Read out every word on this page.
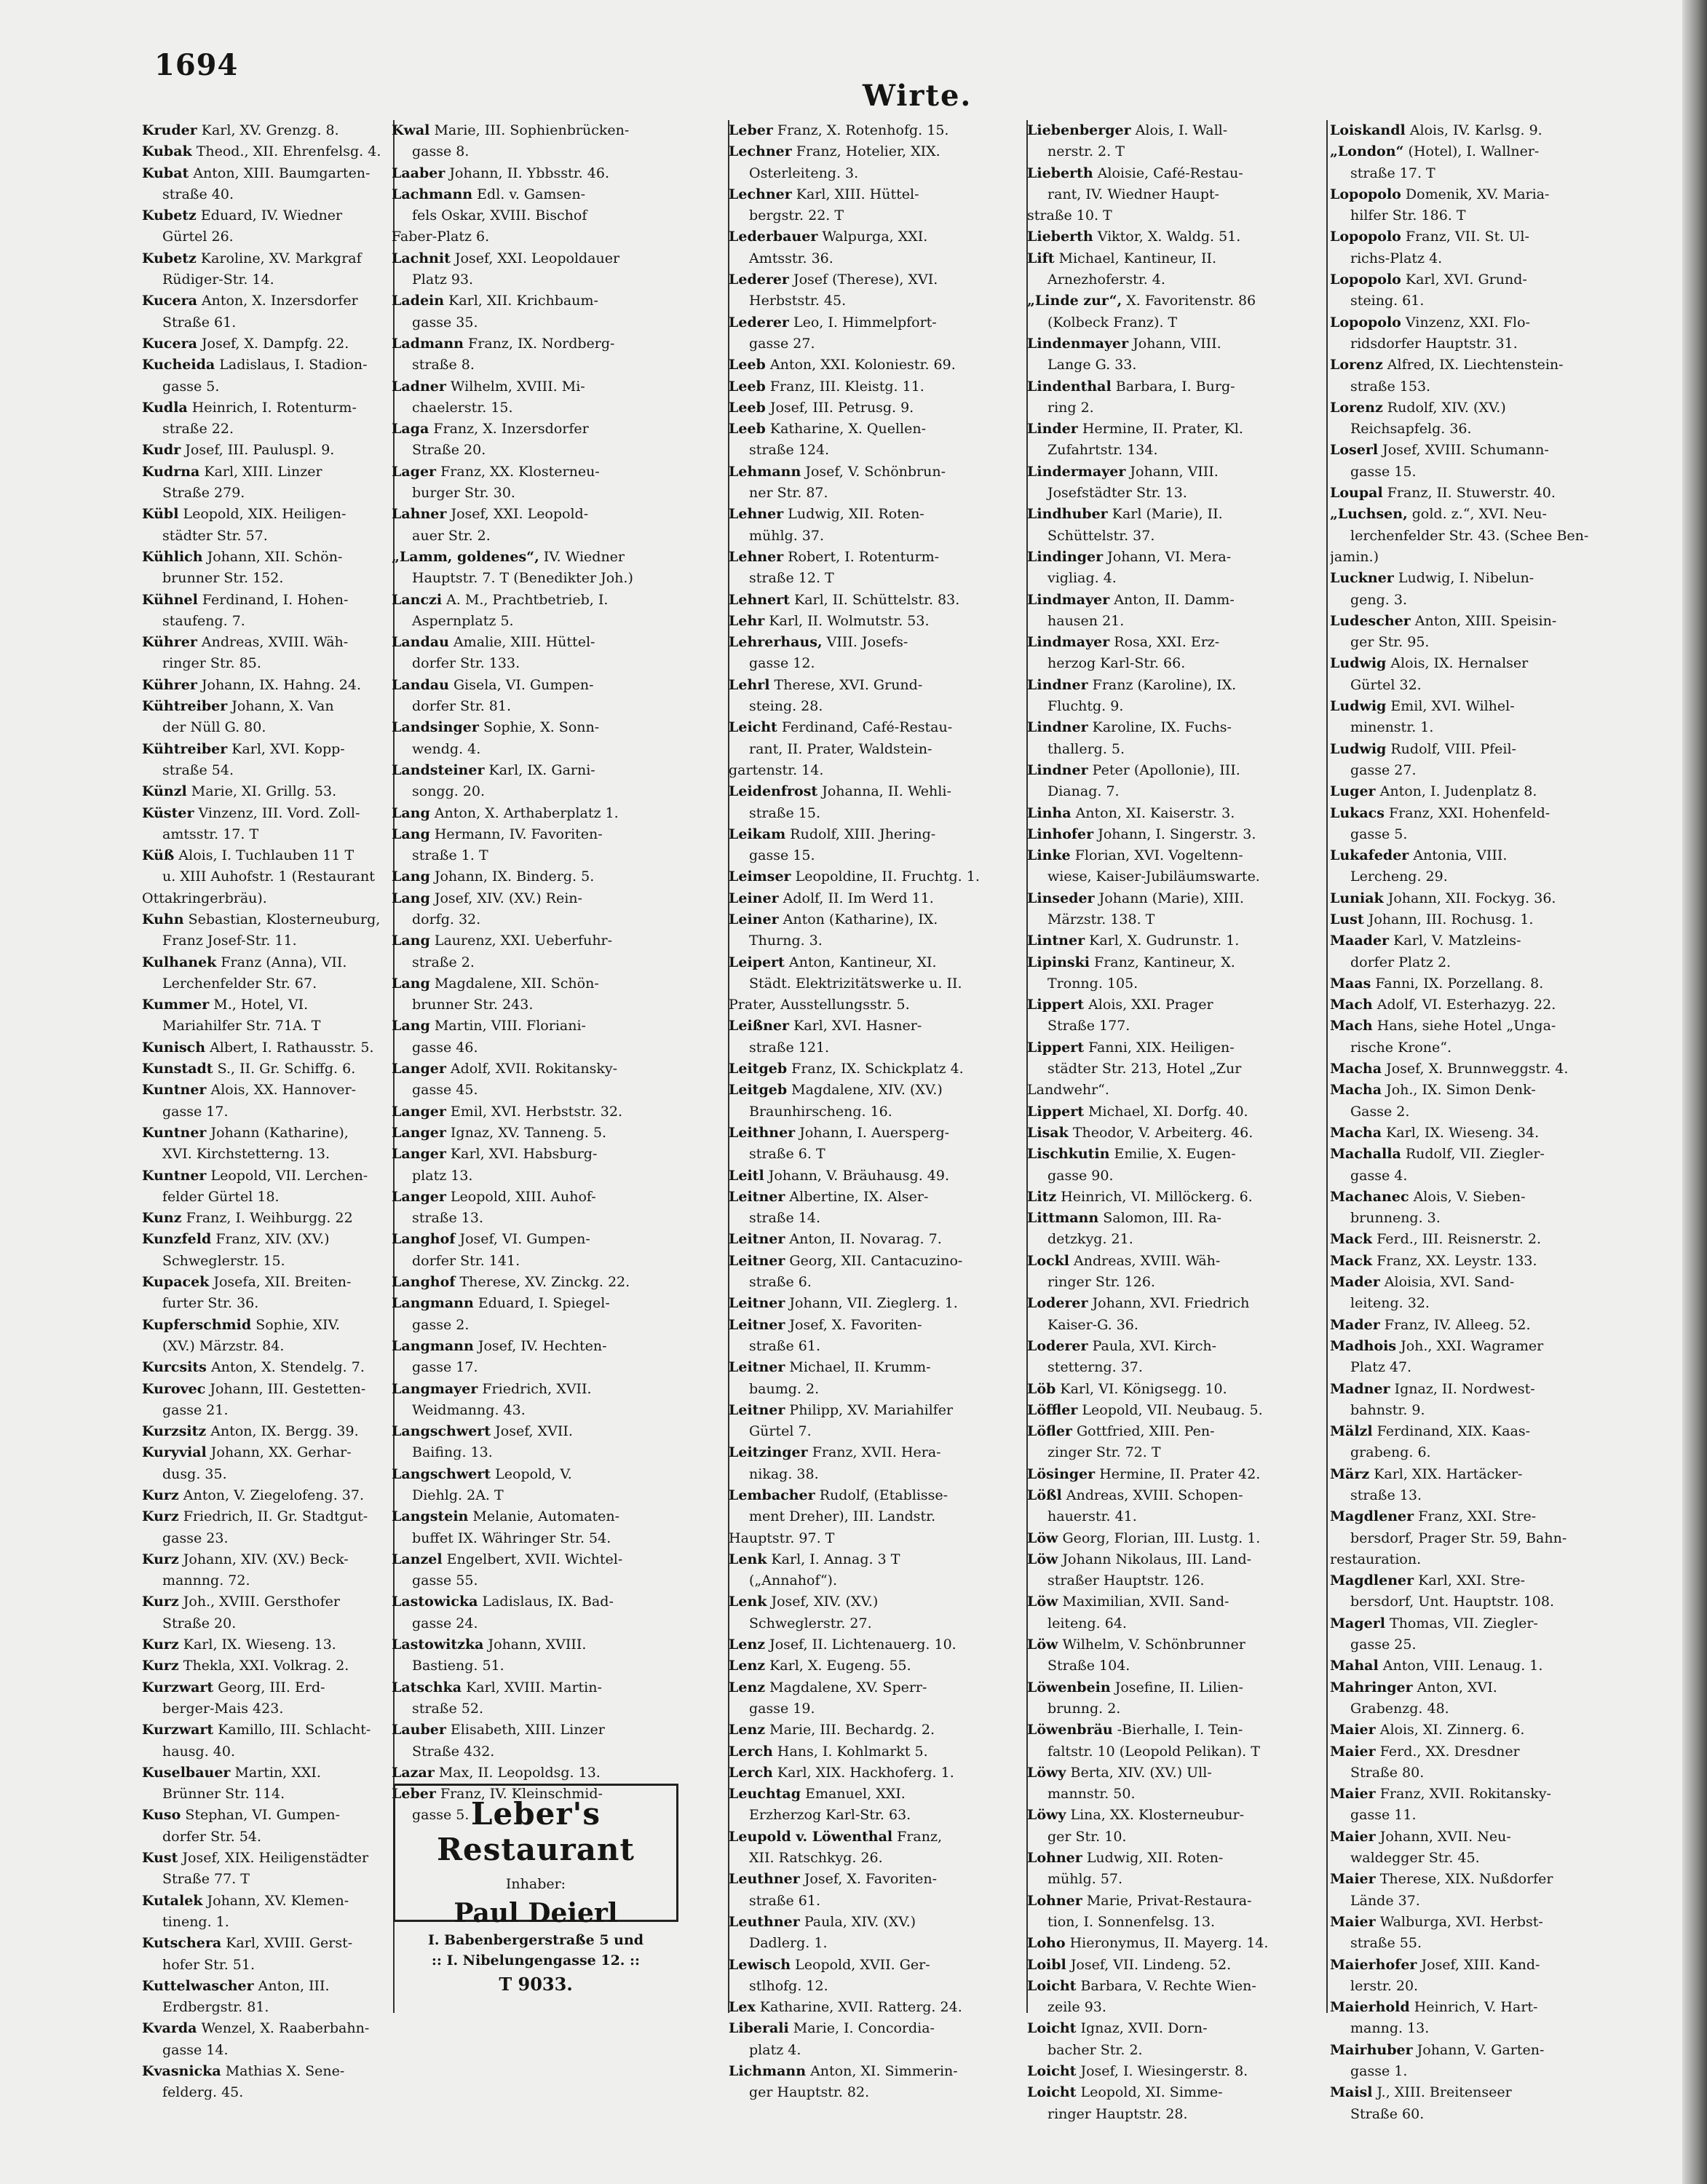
1694
Wirte.
Kruder Karl, XV. Grenzg. 8.
Kubak Theod., XII. Ehrenfelsg. 4.
Kubat Anton, XIII. Baumgarten-
straße 40.
Kubetz Eduard, IV. Wiedner
Gürtel 26.
Kubetz Karoline, XV. Markgraf
Rüdiger-Str. 14.
Kucera Anton, X. Inzersdorfer
Straße 61.
Kucera Josef, X. Dampfg. 22.
Kucheida Ladislaus, I. Stadion-
gasse 5.
Kudla Heinrich, I. Rotenturm-
straße 22.
Kudr Josef, III. Pauluspl. 9.
Kudrna Karl, XIII. Linzer
Straße 279.
Kübl Leopold, XIX. Heiligen-
städter Str. 57.
Kühlich Johann, XII. Schön-
brunner Str. 152.
Kühnel Ferdinand, I. Hohen-
staufeng. 7.
Kührer Andreas, XVIII. Wäh-
ringer Str. 85.
Kührer Johann, IX. Hahng. 24.
Kühtreiber Johann, X. Van
der Nüll G. 80.
Kühtreiber Karl, XVI. Kopp-
straße 54.
Künzl Marie, XI. Grillg. 53.
Küster Vinzenz, III. Vord. Zoll-
amtsstr. 17. T
Küß Alois, I. Tuchlauben 11 T
u. XIII Auhofstr. 1 (Restaurant
Ottakringerbräu).
Kuhn Sebastian, Klosterneuburg,
Franz Josef-Str. 11.
Kulhanek Franz (Anna), VII.
Lerchenfelder Str. 67.
Kummer M., Hotel, VI.
Mariahilfer Str. 71A. T
Kunisch Albert, I. Rathausstr. 5.
Kunstadt S., II. Gr. Schiffg. 6.
Kuntner Alois, XX. Hannover-
gasse 17.
Kuntner Johann (Katharine),
XVI. Kirchstetterng. 13.
Kuntner Leopold, VII. Lerchen-
felder Gürtel 18.
Kunz Franz, I. Weihburgg. 22
Kunzfeld Franz, XIV. (XV.)
Schweglerstr. 15.
Kupacek Josefa, XII. Breiten-
furter Str. 36.
Kupferschmid Sophie, XIV.
(XV.) Märzstr. 84.
Kurcsits Anton, X. Stendelg. 7.
Kurovec Johann, III. Gestetten-
gasse 21.
Kurzsitz Anton, IX. Bergg. 39.
Kuryvial Johann, XX. Gerhar-
dusg. 35.
Kurz Anton, V. Ziegelofeng. 37.
Kurz Friedrich, II. Gr. Stadtgut-
gasse 23.
Kurz Johann, XIV. (XV.) Beck-
mannng. 72.
Kurz Joh., XVIII. Gersthofer
Straße 20.
Kurz Karl, IX. Wieseng. 13.
Kurz Thekla, XXI. Volkrag. 2.
Kurzwart Georg, III. Erd-
berger-Mais 423.
Kurzwart Kamillo, III. Schlacht-
hausg. 40.
Kuselbauer Martin, XXI.
Brünner Str. 114.
Kuso Stephan, VI. Gumpen-
dorfer Str. 54.
Kust Josef, XIX. Heiligenstädter
Straße 77. T
Kutalek Johann, XV. Klemen-
tineng. 1.
Kutschera Karl, XVIII. Gerst-
hofer Str. 51.
Kuttelwascher Anton, III.
Erdbergstr. 81.
Kvarda Wenzel, X. Raaberbahn-
gasse 14.
Kvasnicka Mathias X. Sene-
felderg. 45.
Kwal Marie, III. Sophienbrücken-
gasse 8.
Laaber Johann, II. Ybbsstr. 46.
Lachmann Edl. v. Gamsen-
fels Oskar, XVIII. Bischof
Faber-Platz 6.
Lachnit Josef, XXI. Leopoldauer
Platz 93.
Ladein Karl, XII. Krichbaum-
gasse 35.
Ladmann Franz, IX. Nordberg-
straße 8.
Ladner Wilhelm, XVIII. Mi-
chaelerstr. 15.
Laga Franz, X. Inzersdorfer
Straße 20.
Lager Franz, XX. Klosterneu-
burger Str. 30.
Lahner Josef, XXI. Leopold-
auer Str. 2.
„Lamm, goldenes“, IV. Wiedner
Hauptstr. 7. T (Benedikter Joh.)
Lanczi A. M., Prachtbetrieb, I.
Aspernplatz 5.
Landau Amalie, XIII. Hüttel-
dorfer Str. 133.
Landau Gisela, VI. Gumpen-
dorfer Str. 81.
Landsinger Sophie, X. Sonn-
wendg. 4.
Landsteiner Karl, IX. Garni-
songg. 20.
Lang Anton, X. Arthaberplatz 1.
Lang Hermann, IV. Favoriten-
straße 1. T
Lang Johann, IX. Binderg. 5.
Lang Josef, XIV. (XV.) Rein-
dorfg. 32.
Lang Laurenz, XXI. Ueberfuhr-
straße 2.
Lang Magdalene, XII. Schön-
brunner Str. 243.
Lang Martin, VIII. Floriani-
gasse 46.
Langer Adolf, XVII. Rokitansky-
gasse 45.
Langer Emil, XVI. Herbststr. 32.
Langer Ignaz, XV. Tanneng. 5.
Langer Karl, XVI. Habsburg-
platz 13.
Langer Leopold, XIII. Auhof-
straße 13.
Langhof Josef, VI. Gumpen-
dorfer Str. 141.
Langhof Therese, XV. Zinckg. 22.
Langmann Eduard, I. Spiegel-
gasse 2.
Langmann Josef, IV. Hechten-
gasse 17.
Langmayer Friedrich, XVII.
Weidmanng. 43.
Langschwert Josef, XVII.
Baifing. 13.
Langschwert Leopold, V.
Diehlg. 2A. T
Langstein Melanie, Automaten-
buffet IX. Währinger Str. 54.
Lanzel Engelbert, XVII. Wichtel-
gasse 55.
Lastowicka Ladislaus, IX. Bad-
gasse 24.
Lastowitzka Johann, XVIII.
Bastieng. 51.
Latschka Karl, XVIII. Martin-
straße 52.
Lauber Elisabeth, XIII. Linzer
Straße 432.
Lazar Max, II. Leopoldsg. 13.
Leber Franz, IV. Kleinschmid-
gasse 5.
Leber Franz, X. Rotenhofg. 15.
Lechner Franz, Hotelier, XIX.
Osterleiteng. 3.
Lechner Karl, XIII. Hüttel-
bergstr. 22. T
Lederbauer Walpurga, XXI.
Amtsstr. 36.
Lederer Josef (Therese), XVI.
Herbststr. 45.
Lederer Leo, I. Himmelpfort-
gasse 27.
Leeb Anton, XXI. Koloniestr. 69.
Leeb Franz, III. Kleistg. 11.
Leeb Josef, III. Petrusg. 9.
Leeb Katharine, X. Quellen-
straße 124.
Lehmann Josef, V. Schönbrun-
ner Str. 87.
Lehner Ludwig, XII. Roten-
mühlg. 37.
Lehner Robert, I. Rotenturm-
straße 12. T
Lehnert Karl, II. Schüttelstr. 83.
Lehr Karl, II. Wolmutstr. 53.
Lehrerhaus, VIII. Josefs-
gasse 12.
Lehrl Therese, XVI. Grund-
steing. 28.
Leicht Ferdinand, Café-Restau-
rant, II. Prater, Waldstein-
gartenstr. 14.
Leidenfrost Johanna, II. Wehli-
straße 15.
Leikam Rudolf, XIII. Jhering-
gasse 15.
Leimser Leopoldine, II. Fruchtg. 1.
Leiner Adolf, II. Im Werd 11.
Leiner Anton (Katharine), IX.
Thurng. 3.
Leipert Anton, Kantineur, XI.
Städt. Elektrizitätswerke u. II.
Prater, Ausstellungsstr. 5.
Leißner Karl, XVI. Hasner-
straße 121.
Leitgeb Franz, IX. Schickplatz 4.
Leitgeb Magdalene, XIV. (XV.)
Braunhirscheng. 16.
Leithner Johann, I. Auersperg-
straße 6. T
Leitl Johann, V. Bräuhausg. 49.
Leitner Albertine, IX. Alser-
straße 14.
Leitner Anton, II. Novarag. 7.
Leitner Georg, XII. Cantacuzino-
straße 6.
Leitner Johann, VII. Zieglerg. 1.
Leitner Josef, X. Favoriten-
straße 61.
Leitner Michael, II. Krumm-
baumg. 2.
Leitner Philipp, XV. Mariahilfer
Gürtel 7.
Leitzinger Franz, XVII. Hera-
nikag. 38.
Lembacher Rudolf, (Etablisse-
ment Dreher), III. Landstr.
Hauptstr. 97. T
Lenk Karl, I. Annag. 3 T
(„Annahof“).
Lenk Josef, XIV. (XV.)
Schweglerstr. 27.
Lenz Josef, II. Lichtenauerg. 10.
Lenz Karl, X. Eugeng. 55.
Lenz Magdalene, XV. Sperr-
gasse 19.
Lenz Marie, III. Bechardg. 2.
Lerch Hans, I. Kohlmarkt 5.
Lerch Karl, XIX. Hackhoferg. 1.
Leuchtag Emanuel, XXI.
Erzherzog Karl-Str. 63.
Leupold v. Löwenthal Franz,
XII. Ratschkyg. 26.
Leuthner Josef, X. Favoriten-
straße 61.
Leuthner Paula, XIV. (XV.)
Dadlerg. 1.
Lewisch Leopold, XVII. Ger-
stlhofg. 12.
Lex Katharine, XVII. Ratterg. 24.
Liberali Marie, I. Concordia-
platz 4.
Lichmann Anton, XI. Simmerin-
ger Hauptstr. 82.
Liebenberger Alois, I. Wall-
nerstr. 2. T
Lieberth Aloisie, Café-Restau-
rant, IV. Wiedner Haupt-
straße 10. T
Lieberth Viktor, X. Waldg. 51.
Lift Michael, Kantineur, II.
Arnezhoferstr. 4.
„Linde zur“, X. Favoritenstr. 86
(Kolbeck Franz). T
Lindenmayer Johann, VIII.
Lange G. 33.
Lindenthal Barbara, I. Burg-
ring 2.
Linder Hermine, II. Prater, Kl.
Zufahrtstr. 134.
Lindermayer Johann, VIII.
Josefstädter Str. 13.
Lindhuber Karl (Marie), II.
Schüttelstr. 37.
Lindinger Johann, VI. Mera-
vigliag. 4.
Lindmayer Anton, II. Damm-
hausen 21.
Lindmayer Rosa, XXI. Erz-
herzog Karl-Str. 66.
Lindner Franz (Karoline), IX.
Fluchtg. 9.
Lindner Karoline, IX. Fuchs-
thallerg. 5.
Lindner Peter (Apollonie), III.
Dianag. 7.
Linha Anton, XI. Kaiserstr. 3.
Linhofer Johann, I. Singerstr. 3.
Linke Florian, XVI. Vogeltenn-
wiese, Kaiser-Jubiläumswarte.
Linseder Johann (Marie), XIII.
Märzstr. 138. T
Lintner Karl, X. Gudrunstr. 1.
Lipinski Franz, Kantineur, X.
Tronng. 105.
Lippert Alois, XXI. Prager
Straße 177.
Lippert Fanni, XIX. Heiligen-
städter Str. 213, Hotel „Zur
Landwehr“.
Lippert Michael, XI. Dorfg. 40.
Lisak Theodor, V. Arbeiterg. 46.
Lischkutin Emilie, X. Eugen-
gasse 90.
Litz Heinrich, VI. Millöckerg. 6.
Littmann Salomon, III. Ra-
detzkyg. 21.
Lockl Andreas, XVIII. Wäh-
ringer Str. 126.
Loderer Johann, XVI. Friedrich
Kaiser-G. 36.
Loderer Paula, XVI. Kirch-
stetterng. 37.
Löb Karl, VI. Königsegg. 10.
Löffler Leopold, VII. Neubaug. 5.
Löfler Gottfried, XIII. Pen-
zinger Str. 72. T
Lösinger Hermine, II. Prater 42.
Lößl Andreas, XVIII. Schopen-
hauerstr. 41.
Löw Georg, Florian, III. Lustg. 1.
Löw Johann Nikolaus, III. Land-
straßer Hauptstr. 126.
Löw Maximilian, XVII. Sand-
leiteng. 64.
Löw Wilhelm, V. Schönbrunner
Straße 104.
Löwenbein Josefine, II. Lilien-
brunng. 2.
Löwenbräu -Bierhalle, I. Tein-
faltstr. 10 (Leopold Pelikan). T
Löwy Berta, XIV. (XV.) Ull-
mannstr. 50.
Löwy Lina, XX. Klosterneubur-
ger Str. 10.
Lohner Ludwig, XII. Roten-
mühlg. 57.
Lohner Marie, Privat-Restaura-
tion, I. Sonnenfelsg. 13.
Loho Hieronymus, II. Mayerg. 14.
Loibl Josef, VII. Lindeng. 52.
Loicht Barbara, V. Rechte Wien-
zeile 93.
Loicht Ignaz, XVII. Dorn-
bacher Str. 2.
Loicht Josef, I. Wiesingerstr. 8.
Loicht Leopold, XI. Simme-
ringer Hauptstr. 28.
Loiskandl Alois, IV. Karlsg. 9.
„London“ (Hotel), I. Wallner-
straße 17. T
Lopopolo Domenik, XV. Maria-
hilfer Str. 186. T
Lopopolo Franz, VII. St. Ul-
richs-Platz 4.
Lopopolo Karl, XVI. Grund-
steing. 61.
Lopopolo Vinzenz, XXI. Flo-
ridsdorfer Hauptstr. 31.
Lorenz Alfred, IX. Liechtenstein-
straße 153.
Lorenz Rudolf, XIV. (XV.)
Reichsapfelg. 36.
Loserl Josef, XVIII. Schumann-
gasse 15.
Loupal Franz, II. Stuwerstr. 40.
„Luchsen, gold. z.“, XVI. Neu-
lerchenfelder Str. 43. (Schee Ben-
jamin.)
Luckner Ludwig, I. Nibelun-
geng. 3.
Ludescher Anton, XIII. Speisin-
ger Str. 95.
Ludwig Alois, IX. Hernalser
Gürtel 32.
Ludwig Emil, XVI. Wilhel-
minenstr. 1.
Ludwig Rudolf, VIII. Pfeil-
gasse 27.
Luger Anton, I. Judenplatz 8.
Lukacs Franz, XXI. Hohenfeld-
gasse 5.
Lukafeder Antonia, VIII.
Lercheng. 29.
Luniak Johann, XII. Fockyg. 36.
Lust Johann, III. Rochusg. 1.
Maader Karl, V. Matzleins-
dorfer Platz 2.
Maas Fanni, IX. Porzellang. 8.
Mach Adolf, VI. Esterhazyg. 22.
Mach Hans, siehe Hotel „Unga-
rische Krone“.
Macha Josef, X. Brunnweggstr. 4.
Macha Joh., IX. Simon Denk-
Gasse 2.
Macha Karl, IX. Wieseng. 34.
Machalla Rudolf, VII. Ziegler-
gasse 4.
Machanec Alois, V. Sieben-
brunneng. 3.
Mack Ferd., III. Reisnerstr. 2.
Mack Franz, XX. Leystr. 133.
Mader Aloisia, XVI. Sand-
leiteng. 32.
Mader Franz, IV. Alleeg. 52.
Madhois Joh., XXI. Wagramer
Platz 47.
Madner Ignaz, II. Nordwest-
bahnstr. 9.
Mälzl Ferdinand, XIX. Kaas-
grabeng. 6.
März Karl, XIX. Hartäcker-
straße 13.
Magdlener Franz, XXI. Stre-
bersdorf, Prager Str. 59, Bahn-
restauration.
Magdlener Karl, XXI. Stre-
bersdorf, Unt. Hauptstr. 108.
Magerl Thomas, VII. Ziegler-
gasse 25.
Mahal Anton, VIII. Lenaug. 1.
Mahringer Anton, XVI.
Grabenzg. 48.
Maier Alois, XI. Zinnerg. 6.
Maier Ferd., XX. Dresdner
Straße 80.
Maier Franz, XVII. Rokitansky-
gasse 11.
Maier Johann, XVII. Neu-
waldegger Str. 45.
Maier Therese, XIX. Nußdorfer
Lände 37.
Maier Walburga, XVI. Herbst-
straße 55.
Maierhofer Josef, XIII. Kand-
lerstr. 20.
Maierhold Heinrich, V. Hart-
manng. 13.
Mairhuber Johann, V. Garten-
gasse 1.
Maisl J., XIII. Breitenseer
Straße 60.
Leber's Restaurant
Inhaber:
Paul Deierl
I. Babenbergerstraße 5 und
:: I. Nibelungengasse 12. ::
T 9033.
